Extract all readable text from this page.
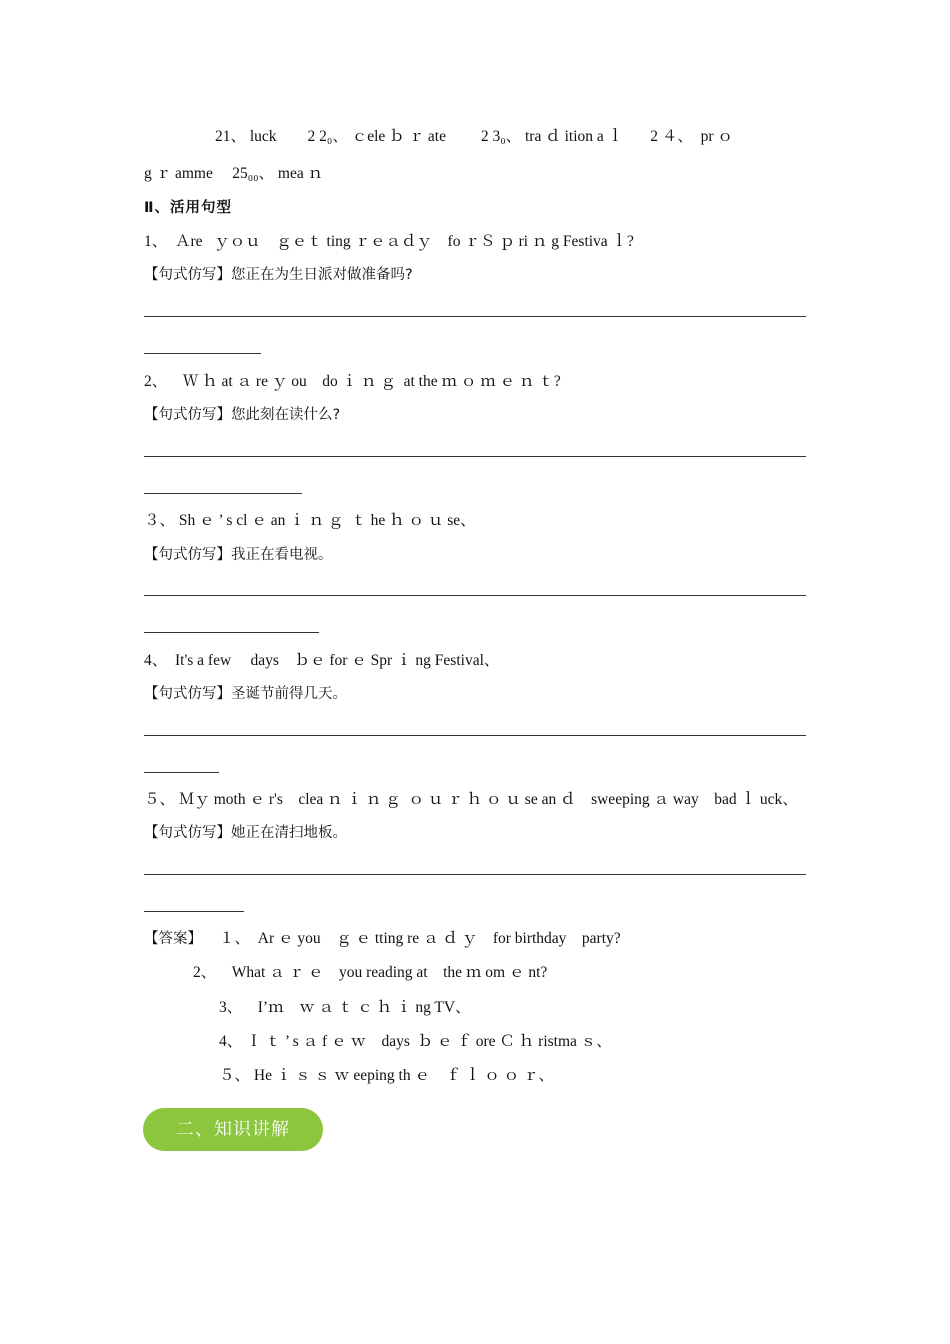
21、 luck        2 2₀、 ｃele ｂ ｒ ate         2 3₀、 tra ｄ ition a ｌ       2 ４、  pr ｏ
g ｒ amme     25₀₀、 mea ｎ
Ⅱ、活用句型
1、  Ａre   ｙｏｕ    ｇｅｔ ting ｒｅａｄｙ    fo ｒＳ ｐ ri ｎ g Festiva ｌ?
【句式仿写】您正在为生日派对做准备吗?
2、    Ｗ ｈ at ａ re ｙ ou    do ｉ ｎ ｇ  at the ｍ ｏ ｍ ｅ ｎ ｔ?
【句式仿写】您此刻在读什么?
３、 Sh ｅ ’ s cl ｅ an ｉ ｎ ｇ  ｔ he ｈ ｏ ｕ se、
【句式仿写】我正在看电视。
4、  It's a few     days    ｂｅ for ｅ Spr ｉ ng Festival、
【句式仿写】圣诞节前得几天。
５、 Ｍｙ moth ｅ r's    clea ｎ ｉ ｎ ｇ  ｏ ｕ ｒ ｈ ｏ ｕ se an ｄ    sweeping ａ way    bad ｌ uck、
【句式仿写】她正在清扫地板。
【答案】 １、  Ar ｅ you    ｇ ｅ tting re ａ ｄ ｙ    for birthday    party?
2、    What ａ ｒ ｅ    you reading at    the ｍ om ｅ nt?
3、    I’ｍ    ｗ ａ ｔ ｃ ｈ ｉ ng TV、
4、 Ｉ ｔ ’ s ａ f ｅ ｗ    days  ｂ ｅ ｆ ore Ｃ ｈ ristma ｓ、
５、 He ｉ ｓ ｓ ｗ eeping th ｅ    ｆ ｌ ｏ ｏ ｒ、
二、知识讲解
